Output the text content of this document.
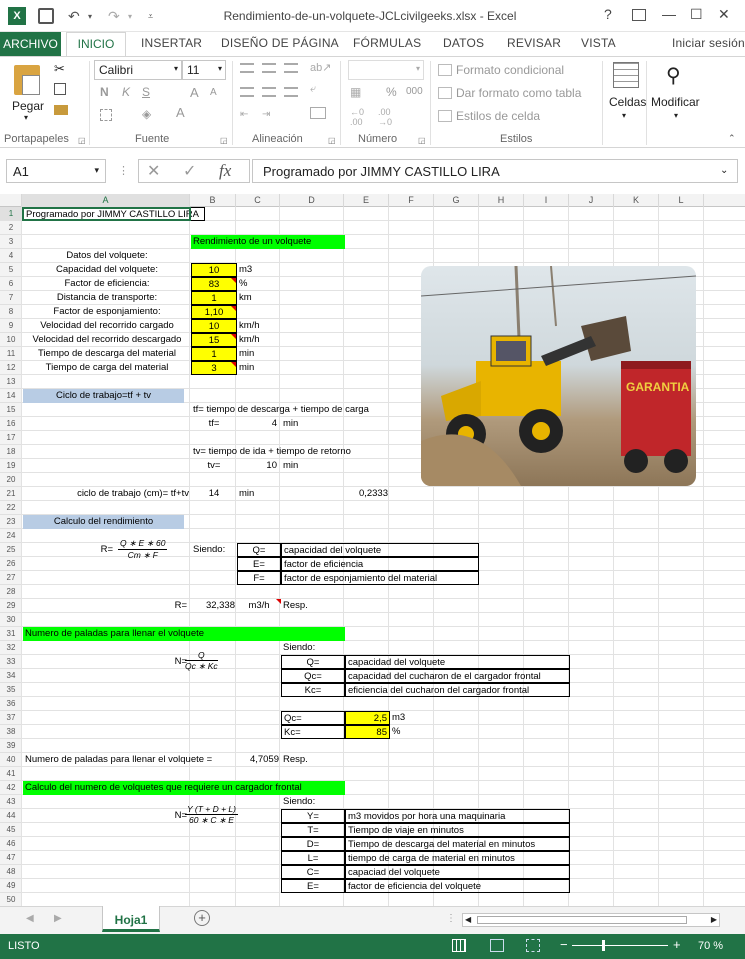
X	↶ ▾ ↷ ▾ ⩡	Rendimiento-de-un-volquete-JCLcivilgeeks.xlsx - Excel	?	— ☐ ✕
ARCHIVO	INICIO	INSERTAR DISEÑO DE PÁGINA FÓRMULAS DATOS REVISAR VISTA	Iniciar sesión
Pegar
▾
✂
Portapapeles ◲
Calibri	▾ 11 ▾
N K S	A A
◈ A
Fuente	◲
ab↗
⤶
⇤ ⇥
Alineación	◲
▾
▦ % 000
←0
.00
.00
→0
Número	◲
Formato condicional
Dar formato como tabla
Estilos de celda
Estilos
Celdas
▾
⚲
Modificar
▾
⌃
A1	▾ ⋮ ✕ ✓ fx	Programado por JIMMY CASTILLO LIRA	⌄
A	B	C	D	E	F	G	H	I	J	K	L
1
2
3
4
5
6
7
8
9
10
11
12
13
14
15
16
17
18
19
20
21
22
23
24
25
26
27
28
29
30
31
32
33
34
35
36
37
38
39
40
41
42
43
44
45
46
47
48
49
50
Programado por JIMMY CASTILLO LIRA
Rendimiento de un volquete
Datos del volquete:
Capacidad del volquete:	10	m3
Factor de eficiencia:	83	%
Distancia de transporte:	1	km
Factor de esponjamiento:	1,10
Velocidad del recorrido cargado	10	km/h
Velocidad del recorrido descargado	15	km/h
Tiempo de descarga del material	1	min
Tiempo de carga del material	3	min
Ciclo de trabajo=tf + tv
tf= tiempo de descarga + tiempo de carga
tf=	4 min
tv= tiempo de ida + tiempo de retorno
tv=	10 min
ciclo de trabajo (cm)= tf+tv	14	min	0,2333
Calculo del rendimiento
R=	Siendo:	Q=	capacidad del volquete
E=	factor de eficiencia
F=	factor de esponjamiento del material
R=	32,338	m3/h	Resp.
Numero de paladas para llenar el volquete
Siendo:
N=	Q=	capacidad del volquete
Qc=	capacidad del cucharon de el cargador frontal
Kc=	eficiencia del cucharon del cargador frontal
Qc=	2,5 m3
Kc=	85 %
Numero de paladas para llenar el volquete =	4,7059 Resp.
Calculo del numero de volquetes que requiere un cargador frontal
Siendo:
N=	Y=	m3 movidos por hora una maquinaria
T=	Tiempo de viaje en minutos
D=	Tiempo de descarga del material en minutos
L=	tiempo de carga de material en minutos
C=	capaciad del volquete
E=	factor de eficiencia del volquete
$\frac{Q ∗ E ∗ 60}{Cm ∗ F}$
$\frac{Q}{Qc ∗ Kc}$
$\frac{Y (T + D + L)}{60 ∗ C ∗ E}$
GARANTIA
◀ ▶	Hoja1	+	⋮ ◀	▶
LISTO	−	+ 70 %
